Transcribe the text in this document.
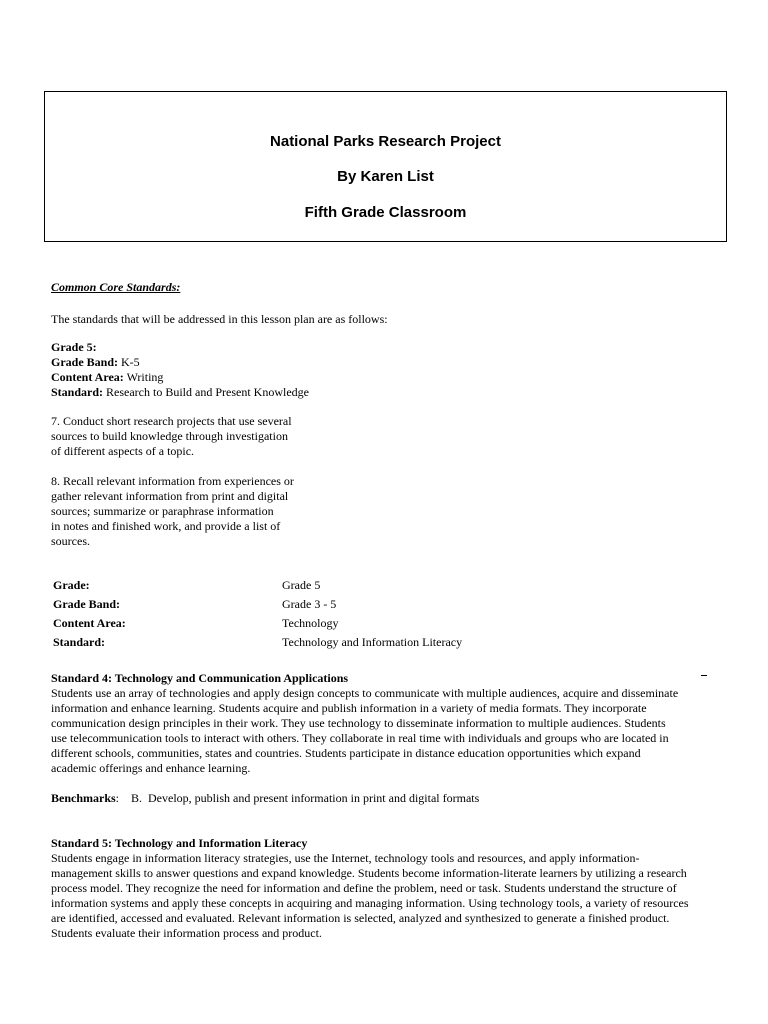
National Parks Research Project
By Karen List
Fifth Grade Classroom
Common Core Standards:
The standards that will be addressed in this lesson plan are as follows:
Grade 5:
Grade Band: K-5
Content Area: Writing
Standard: Research to Build and Present Knowledge
7. Conduct short research projects that use several
sources to build knowledge through investigation
of different aspects of a topic.
8. Recall relevant information from experiences or
gather relevant information from print and digital
sources; summarize or paraphrase information
in notes and finished work, and provide a list of
sources.
Grade:	Grade 5
Grade Band:	Grade 3 - 5
Content Area:	Technology
Standard:	Technology and Information Literacy
Standard 4: Technology and Communication Applications
Students use an array of technologies and apply design concepts to communicate with multiple audiences, acquire and disseminate
information and enhance learning. Students acquire and publish information in a variety of media formats. They incorporate
communication design principles in their work. They use technology to disseminate information to multiple audiences. Students
use telecommunication tools to interact with others. They collaborate in real time with individuals and groups who are located in
different schools, communities, states and countries. Students participate in distance education opportunities which expand
academic offerings and enhance learning.
Benchmarks:    B.  Develop, publish and present information in print and digital formats
Standard 5: Technology and Information Literacy
Students engage in information literacy strategies, use the Internet, technology tools and resources, and apply information-
management skills to answer questions and expand knowledge. Students become information-literate learners by utilizing a research
process model. They recognize the need for information and define the problem, need or task. Students understand the structure of
information systems and apply these concepts in acquiring and managing information. Using technology tools, a variety of resources
are identified, accessed and evaluated. Relevant information is selected, analyzed and synthesized to generate a finished product.
Students evaluate their information process and product.
